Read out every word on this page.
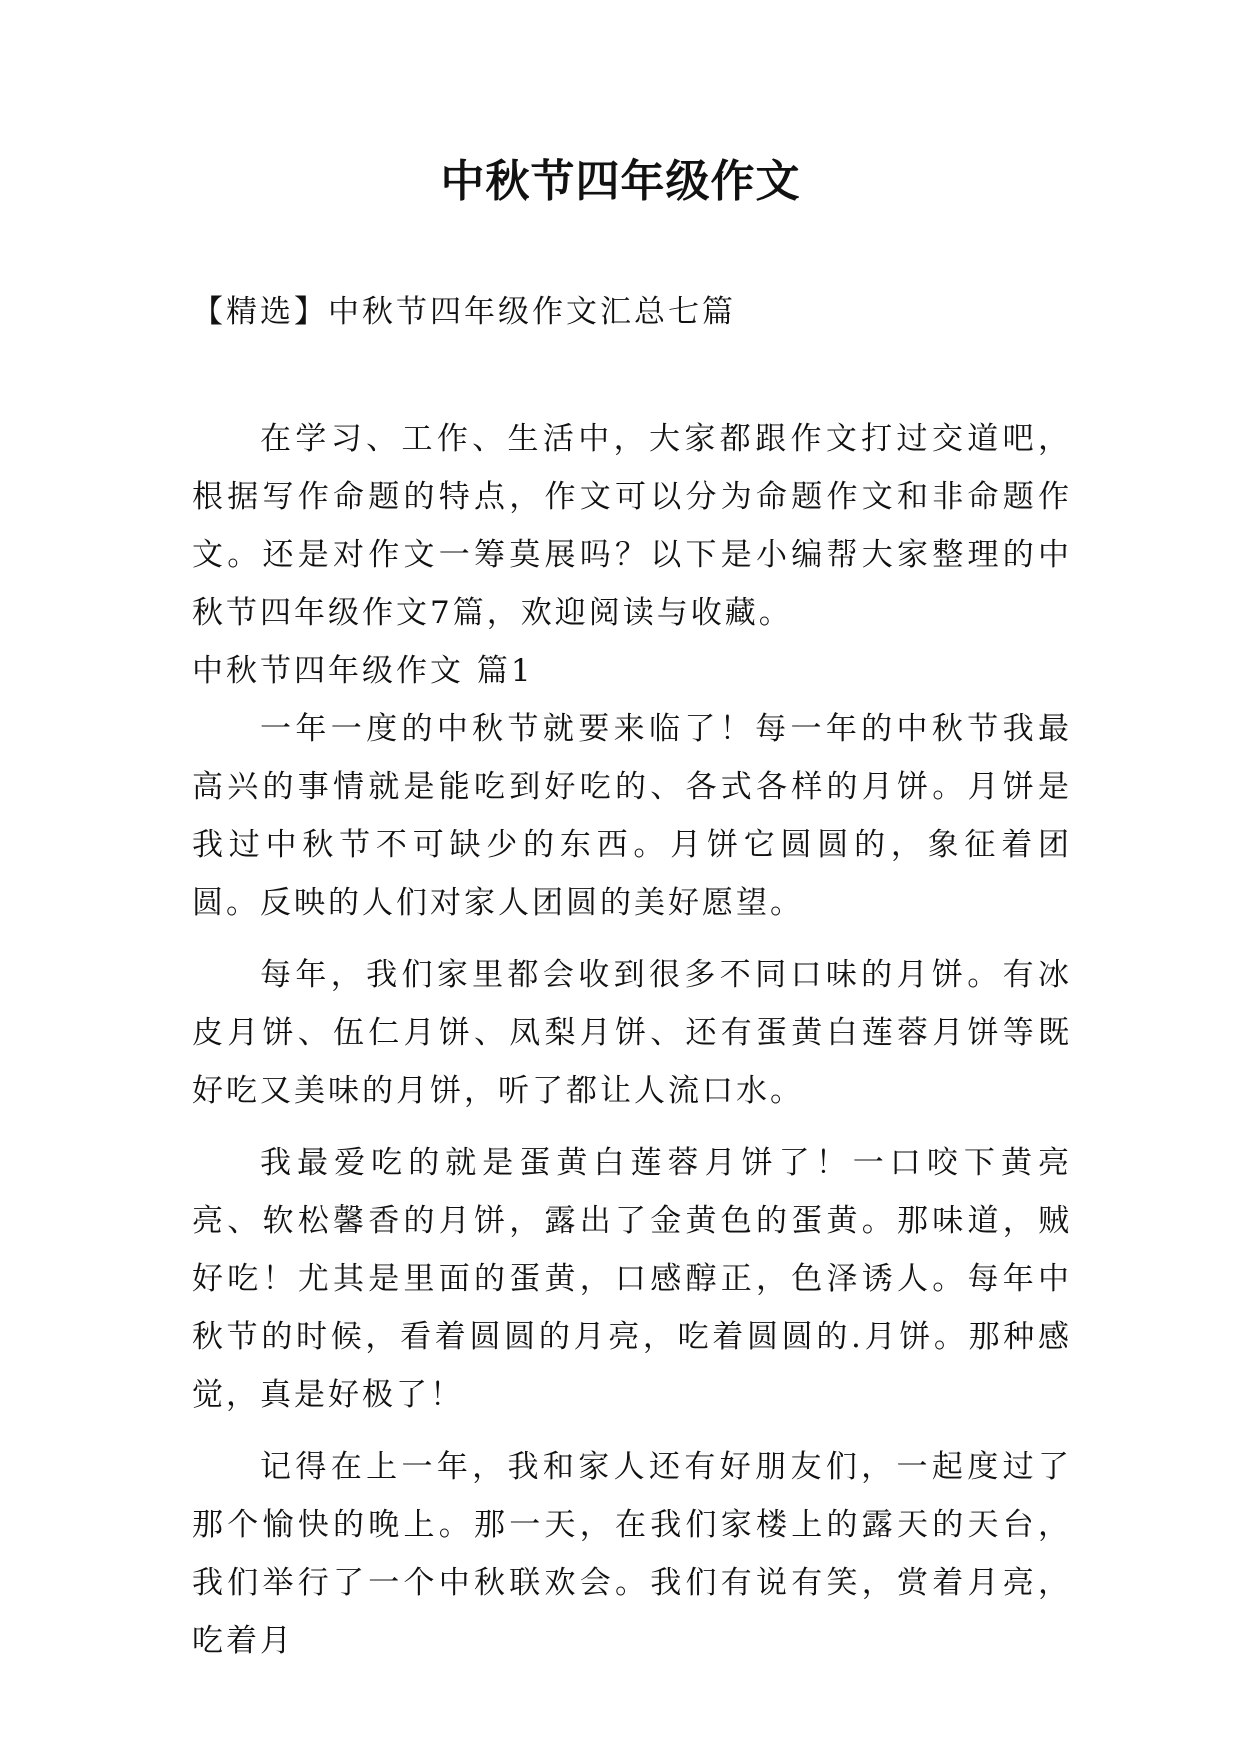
中秋节四年级作文

【精选】中秋节四年级作文汇总七篇

在学习、工作、生活中，大家都跟作文打过交道吧，根据写作命题的特点，作文可以分为命题作文和非命题作文。还是对作文一筹莫展吗？以下是小编帮大家整理的中秋节四年级作文7篇，欢迎阅读与收藏。

中秋节四年级作文 篇1

一年一度的中秋节就要来临了！每一年的中秋节我最高兴的事情就是能吃到好吃的、各式各样的月饼。月饼是我过中秋节不可缺少的东西。月饼它圆圆的，象征着团圆。反映的人们对家人团圆的美好愿望。

每年，我们家里都会收到很多不同口味的月饼。有冰皮月饼、伍仁月饼、凤梨月饼、还有蛋黄白莲蓉月饼等既好吃又美味的月饼，听了都让人流口水。

我最爱吃的就是蛋黄白莲蓉月饼了！一口咬下黄亮亮、软松馨香的月饼，露出了金黄色的蛋黄。那味道，贼好吃！尤其是里面的蛋黄，口感醇正，色泽诱人。每年中秋节的时候，看着圆圆的月亮，吃着圆圆的.月饼。那种感觉，真是好极了！

记得在上一年，我和家人还有好朋友们，一起度过了那个愉快的晚上。那一天，在我们家楼上的露天的天台，我们举行了一个中秋联欢会。我们有说有笑，赏着月亮，吃着月
